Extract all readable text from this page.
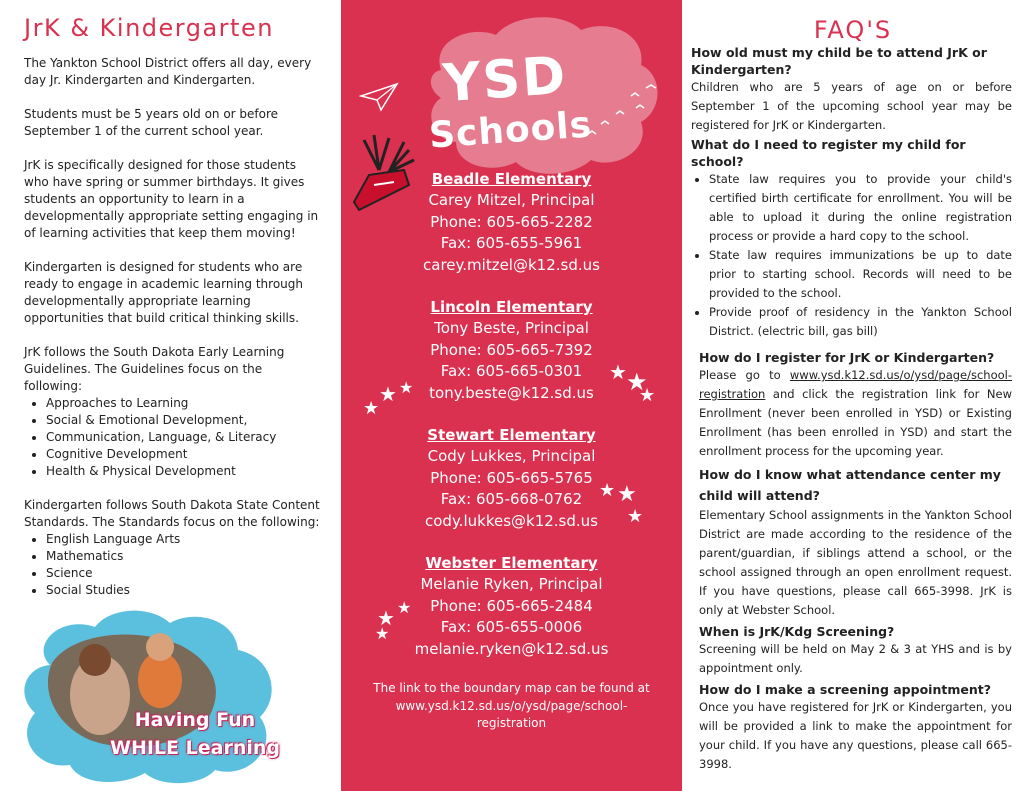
JrK & Kindergarten

The Yankton School District offers all day, every day Jr. Kindergarten and Kindergarten.

Students must be 5 years old on or before September 1 of the current school year.

JrK is specifically designed for those students who have spring or summer birthdays. It gives students an opportunity to learn in a developmentally appropriate setting engaging in of learning activities that keep them moving!

Kindergarten is designed for students who are ready to engage in academic learning through developmentally appropriate learning opportunities that build critical thinking skills.

JrK follows the South Dakota Early Learning Guidelines. The Guidelines focus on the following:

• Approaches to Learning
• Social & Emotional Development,
• Communication, Language, & Literacy
• Cognitive Development
• Health & Physical Development

Kindergarten follows South Dakota State Content Standards. The Standards focus on the following:

• English Language Arts
• Mathematics
• Science
• Social Studies
Having Fun
WHILE Learning
YSD
Schools
Beadle Elementary
Carey Mitzel, Principal
Phone: 605-665-2282
Fax: 605-655-5961
carey.mitzel@k12.sd.us
Lincoln Elementary
Tony Beste, Principal
Phone: 605-665-7392
Fax: 605-665-0301
tony.beste@k12.sd.us
Stewart Elementary
Cody Lukkes, Principal
Phone: 605-665-5765
Fax: 605-668-0762
cody.lukkes@k12.sd.us
Webster Elementary
Melanie Ryken, Principal
Phone: 605-665-2484
Fax: 605-655-0006
melanie.ryken@k12.sd.us
★ ★
★
★
★ ★
★ ★
★
★ ★
★
The link to the boundary map can be found at www.ysd.k12.sd.us/o/ysd/page/school-registration
FAQ'S
How old must my child be to attend JrK or Kindergarten?
Children who are 5 years of age on or before September 1 of the upcoming school year may be registered for JrK or Kindergarten.
What do I need to register my child for school?
• State law requires you to provide your child's certified birth certificate for enrollment. You will be able to upload it during the online registration process or provide a hard copy to the school.
• State law requires immunizations be up to date prior to starting school. Records will need to be provided to the school.
• Provide proof of residency in the Yankton School District. (electric bill, gas bill)
How do I register for JrK or Kindergarten?
Please go to www.ysd.k12.sd.us/o/ysd/page/school-registration and click the registration link for New Enrollment (never been enrolled in YSD) or Existing Enrollment (has been enrolled in YSD) and start the enrollment process for the upcoming year.
How do I know what attendance center my child will attend?
Elementary School assignments in the Yankton School District are made according to the residence of the parent/guardian, if siblings attend a school, or the school assigned through an open enrollment request. If you have questions, please call 665-3998. JrK is only at Webster School.
When is JrK/Kdg Screening?
Screening will be held on May 2 & 3 at YHS and is by appointment only.
How do I make a screening appointment?
Once you have registered for JrK or Kindergarten, you will be provided a link to make the appointment for your child. If you have any questions, please call 665-3998.
